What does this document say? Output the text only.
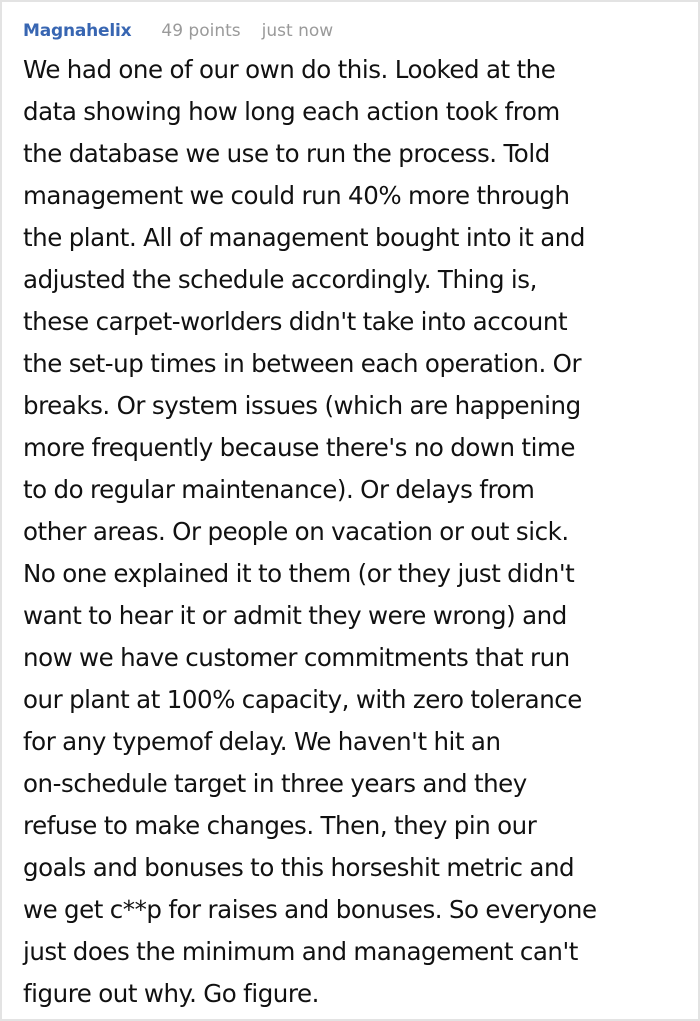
Magnahelix 49 points just now
We had one of our own do this. Looked at the
data showing how long each action took from
the database we use to run the process. Told
management we could run 40% more through
the plant. All of management bought into it and
adjusted the schedule accordingly. Thing is,
these carpet-worlders didn't take into account
the set-up times in between each operation. Or
breaks. Or system issues (which are happening
more frequently because there's no down time
to do regular maintenance). Or delays from
other areas. Or people on vacation or out sick.
No one explained it to them (or they just didn't
want to hear it or admit they were wrong) and
now we have customer commitments that run
our plant at 100% capacity, with zero tolerance
for any typemof delay. We haven't hit an
on-schedule target in three years and they
refuse to make changes. Then, they pin our
goals and bonuses to this horseshit metric and
we get c**p for raises and bonuses. So everyone
just does the minimum and management can't
figure out why. Go figure.
